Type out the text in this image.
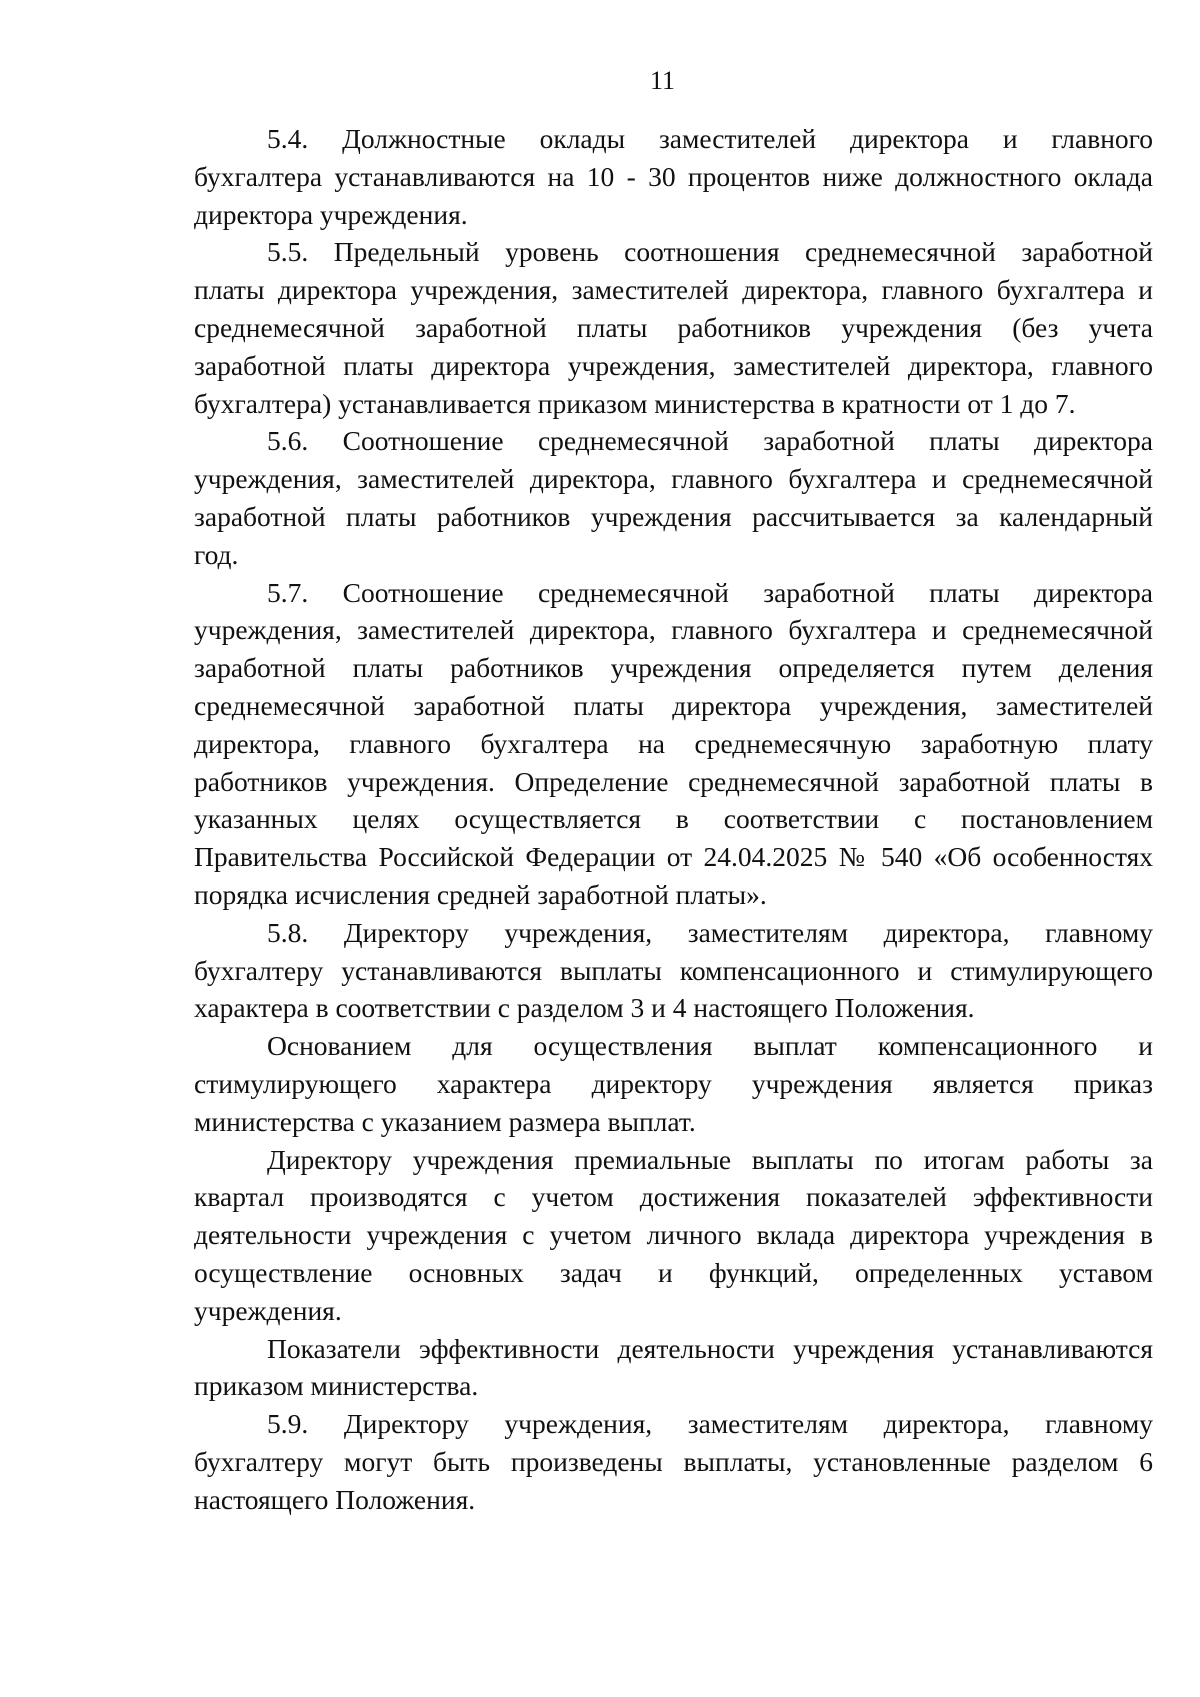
11
5.4. Должностные оклады заместителей директора и главного
бухгалтера устанавливаются на 10 - 30 процентов ниже должностного оклада
директора учреждения.
5.5. Предельный уровень соотношения среднемесячной заработной
платы директора учреждения, заместителей директора, главного бухгалтера и
среднемесячной заработной платы работников учреждения (без учета
заработной платы директора учреждения, заместителей директора, главного
бухгалтера) устанавливается приказом министерства в кратности от 1 до 7.
5.6. Соотношение среднемесячной заработной платы директора
учреждения, заместителей директора, главного бухгалтера и среднемесячной
заработной платы работников учреждения рассчитывается за календарный
год.
5.7. Соотношение среднемесячной заработной платы директора
учреждения, заместителей директора, главного бухгалтера и среднемесячной
заработной платы работников учреждения определяется путем деления
среднемесячной заработной платы директора учреждения, заместителей
директора, главного бухгалтера на среднемесячную заработную плату
работников учреждения. Определение среднемесячной заработной платы в
указанных целях осуществляется в соответствии с постановлением
Правительства Российской Федерации от 24.04.2025 № 540 «Об особенностях
порядка исчисления средней заработной платы».
5.8. Директору учреждения, заместителям директора, главному
бухгалтеру устанавливаются выплаты компенсационного и стимулирующего
характера в соответствии с разделом 3 и 4 настоящего Положения.
Основанием для осуществления выплат компенсационного и
стимулирующего характера директору учреждения является приказ
министерства с указанием размера выплат.
Директору учреждения премиальные выплаты по итогам работы за
квартал производятся с учетом достижения показателей эффективности
деятельности учреждения с учетом личного вклада директора учреждения в
осуществление основных задач и функций, определенных уставом
учреждения.
Показатели эффективности деятельности учреждения устанавливаются
приказом министерства.
5.9. Директору учреждения, заместителям директора, главному
бухгалтеру могут быть произведены выплаты, установленные разделом 6
настоящего Положения.
